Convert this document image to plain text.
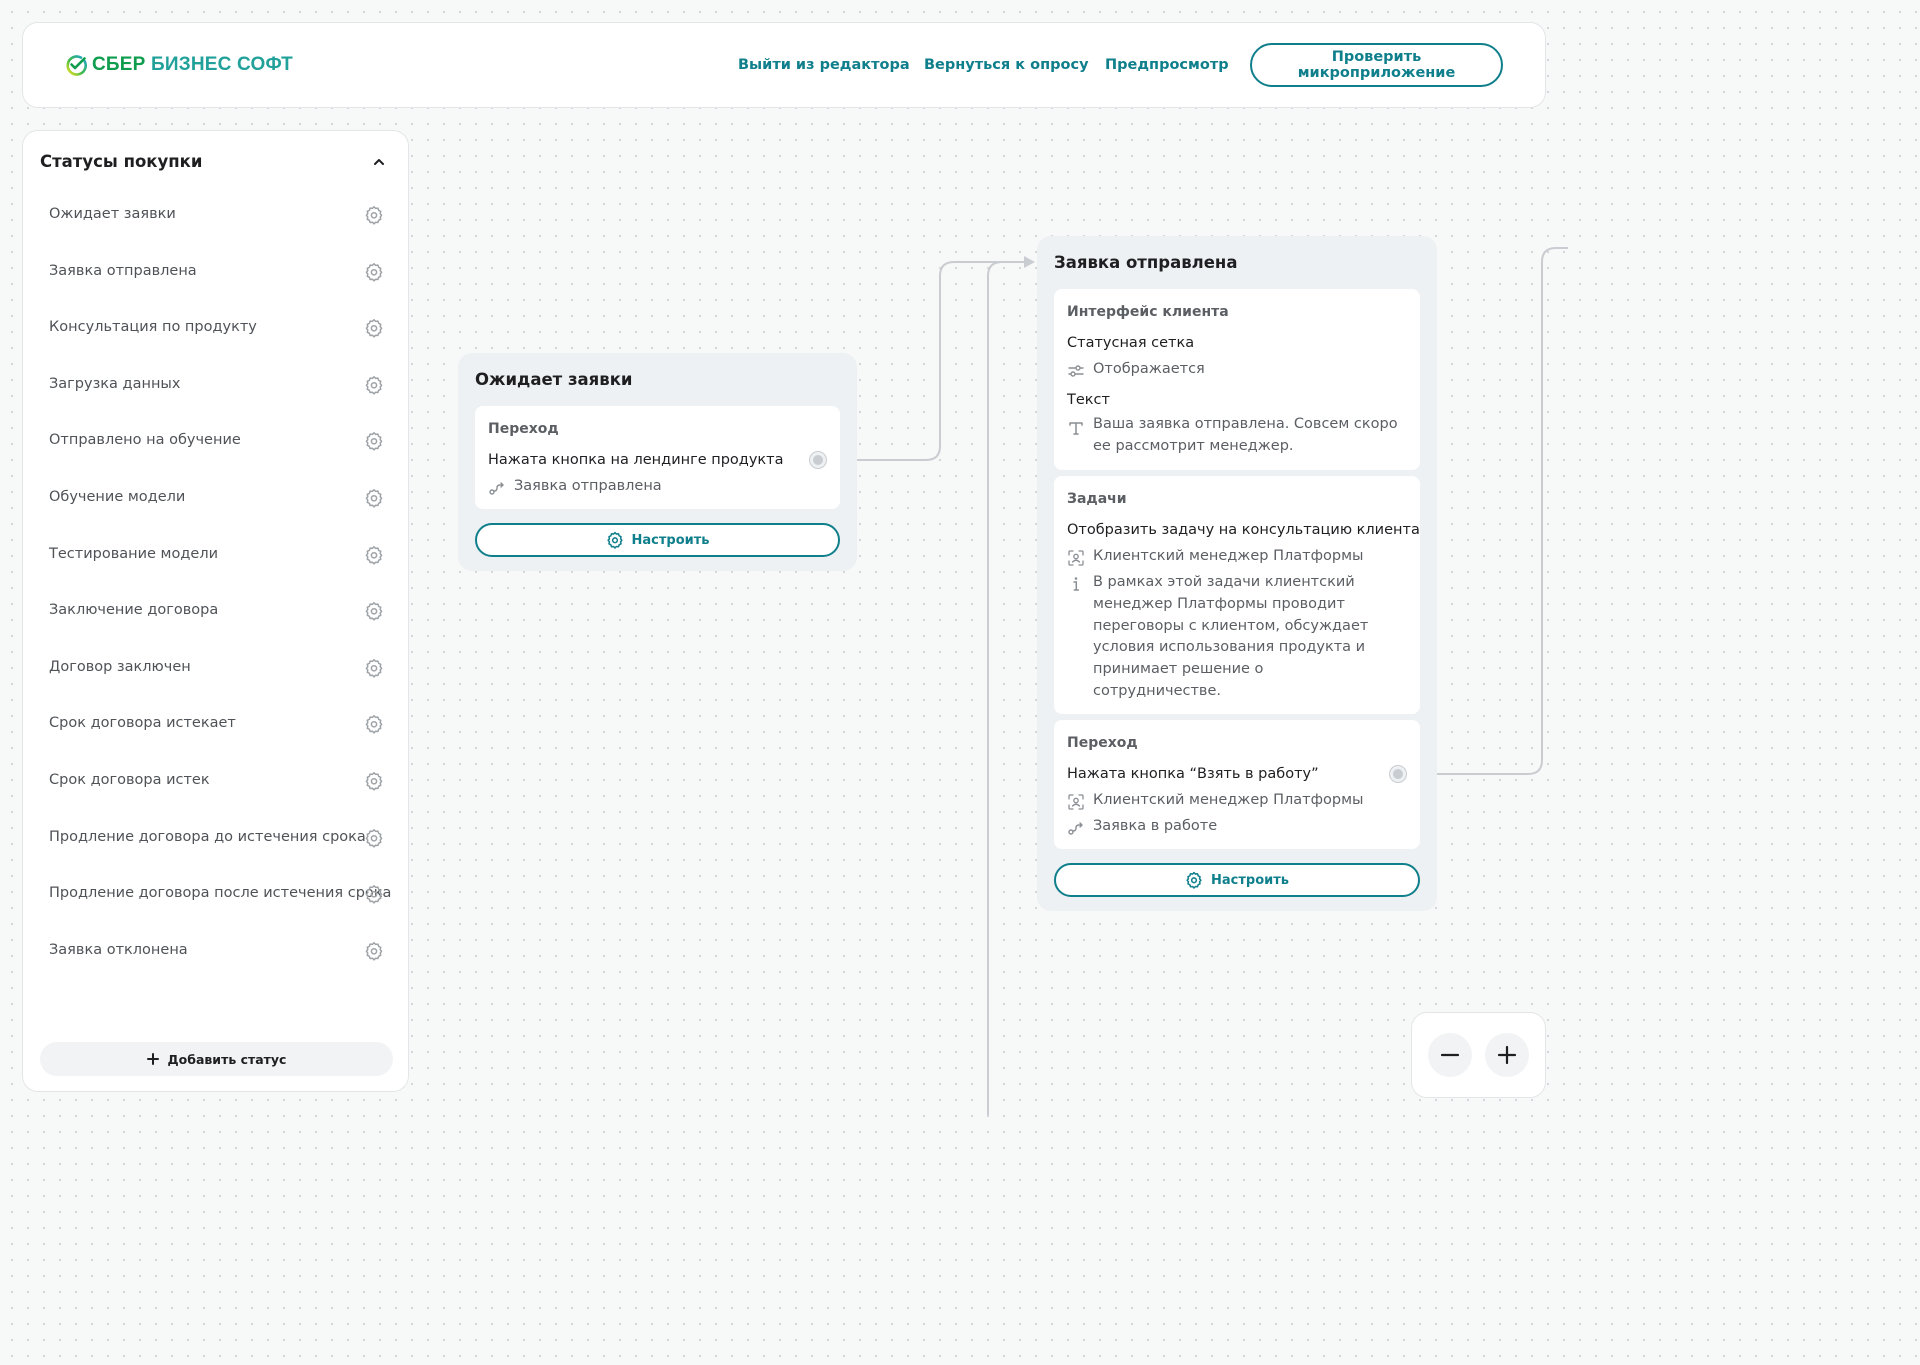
СБЕР БИЗНЕС СОФТ	Выйти из редактора Вернуться к опросу Предпросмотр	Проверить микроприложение
Статусы покупки
Ожидает заявки
Заявка отправлена
Консультация по продукту
Загрузка данных
Отправлено на обучение
Обучение модели
Тестирование модели
Заключение договора
Договор заключен
Срок договора истекает
Срок договора истек
Продление договора до истечения срока
Продление договора после истечения срока
Заявка отклонена
Добавить статус
Ожидает заявки
Переход
Нажата кнопка на лендинге продукта
Заявка отправлена
Настроить
Заявка отправлена
Интерфейс клиента
Статусная сетка
Отображается
Текст
Ваша заявка отправлена. Совсем скоро ее рассмотрит менеджер.
Задачи
Отобразить задачу на консультацию клиента
Клиентский менеджер Платформы
В рамках этой задачи клиентский менеджер Платформы проводит переговоры с клиентом, обсуждает условия использования продукта и принимает решение о сотрудничестве.
Переход
Нажата кнопка “Взять в работу”
Клиентский менеджер Платформы
Заявка в работе
Настроить
